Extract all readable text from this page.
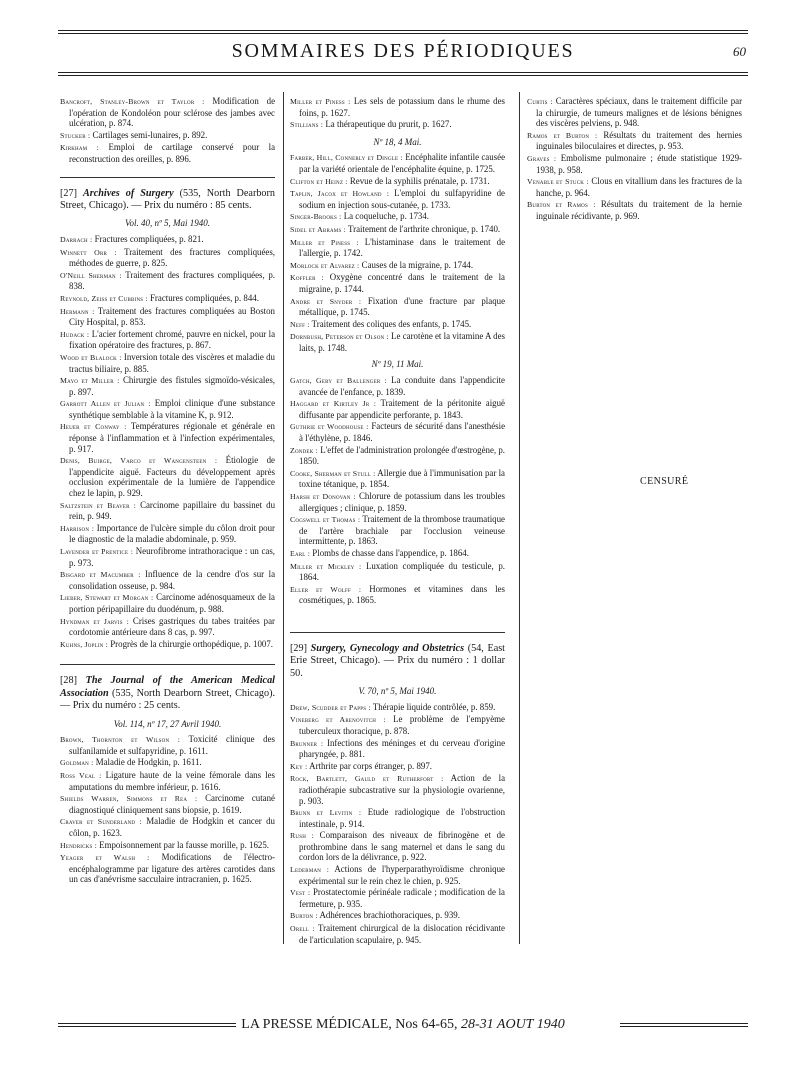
SOMMAIRES DES PÉRIODIQUES	60
Bancroft, Stanley-Brown et Taylor : Modification de l'opération de Kondoléon pour sclérose des jambes avec ulcération, p. 874.
Stucker : Cartilages semi-lunaires, p. 892.
Kirkham : Emploi de cartilage conservé pour la reconstruction des oreilles, p. 896.
[27] Archives of Surgery (535, North Dearborn Street, Chicago). — Prix du numéro : 85 cents.
Vol. 40, nº 5, Mai 1940.
Darrach : Fractures compliquées, p. 821.
Winnett Orr : Traitement des fractures compliquées, méthodes de guerre, p. 825.
O'Neill Sherman : Traitement des fractures compliquées, p. 838.
Reynold, Zeiss et Cubbins : Fractures compliquées, p. 844.
Hermann : Traitement des fractures compliquées au Boston City Hospital, p. 853.
Hudack : L'acier fortement chromé, pauvre en nickel, pour la fixation opératoire des fractures, p. 867.
Wood et Blalock : Inversion totale des viscères et maladie du tractus biliaire, p. 885.
Mayo et Miller : Chirurgie des fistules sigmoïdo-vésicales, p. 897.
Garrott Allen et Julian : Emploi clinique d'une substance synthétique semblable à la vitamine K, p. 912.
Heuer et Conway : Températures régionale et générale en réponse à l'inflammation et à l'infection expérimentales, p. 917.
Denis, Buirge, Varco et Wangensteen : Étiologie de l'appendicite aiguë. Facteurs du développement après occlusion expérimentale de la lumière de l'appendice chez le lapin, p. 929.
Saltzstein et Beaver : Carcinome papillaire du bassinet du rein, p. 949.
Harrison : Importance de l'ulcère simple du côlon droit pour le diagnostic de la maladie abdominale, p. 959.
Lavender et Prentice : Neurofibrome intrathoracique : un cas, p. 973.
Bisgard et Macumber : Influence de la cendre d'os sur la consolidation osseuse, p. 984.
Lieber, Stewart et Morgan : Carcinome adénosquameux de la portion péripapillaire du duodénum, p. 988.
Hyndman et Jarvis : Crises gastriques du tabes traitées par cordotomie antérieure dans 8 cas, p. 997.
Kuhns, Joplin : Progrès de la chirurgie orthopédique, p. 1007.
[28] The Journal of the American Medical Association (535, North Dearborn Street, Chicago). — Prix du numéro : 25 cents.
Vol. 114, nº 17, 27 Avril 1940.
Brown, Thornton et Wilson : Toxicité clinique des sulfanilamide et sulfapyridine, p. 1611.
Goldman : Maladie de Hodgkin, p. 1611.
Ross Veal : Ligature haute de la veine fémorale dans les amputations du membre inférieur, p. 1616.
Shields Warren, Simmons et Rea : Carcinome cutané diagnostiqué cliniquement sans biopsie, p. 1619.
Craver et Sunderland : Maladie de Hodgkin et cancer du côlon, p. 1623.
Hendricks : Empoisonnement par la fausse morille, p. 1625.
Yeager et Walsh : Modifications de l'électro-encéphalogramme par ligature des artères carotides dans un cas d'anévrisme sacculaire intracranien, p. 1625.
Miller et Piness : Les sels de potassium dans le rhume des foins, p. 1627.
Stillians : La thérapeutique du prurit, p. 1627.
Nº 18, 4 Mai.
Farber, Hill, Connerly et Dingle : Encéphalite infantile causée par la variété orientale de l'encéphalite équine, p. 1725.
Clifton et Heinz : Revue de la syphilis prénatale, p. 1731.
Taplin, Jacox et Howland : L'emploi du sulfapyridine de sodium en injection sous-cutanée, p. 1733.
Singer-Brooks : La coqueluche, p. 1734.
Sidel et Abrams : Traitement de l'arthrite chronique, p. 1740.
Miller et Piness : L'histaminase dans le traitement de l'allergie, p. 1742.
Morlock et Alvarez : Causes de la migraine, p. 1744.
Koffler : Oxygène concentré dans le traitement de la migraine, p. 1744.
Andre et Snyder : Fixation d'une fracture par plaque métallique, p. 1745.
Neff : Traitement des coliques des enfants, p. 1745.
Dornbush, Peterson et Olson : Le carotène et la vitamine A des laits, p. 1748.
Nº 19, 11 Mai.
Gatch, Gery et Ballenger : La conduite dans l'appendicite avancée de l'enfance, p. 1839.
Haggard et Kirtley Jr : Traitement de la péritonite aiguë diffusante par appendicite perforante, p. 1843.
Guthrie et Woodhouse : Facteurs de sécurité dans l'anesthésie à l'éthylène, p. 1846.
Zondek : L'effet de l'administration prolongée d'œstrogène, p. 1850.
Cooke, Sherman et Stull : Allergie due à l'immunisation par la toxine tétanique, p. 1854.
Harsh et Donovan : Chlorure de potassium dans les troubles allergiques ; clinique, p. 1859.
Cogswell et Thomas : Traitement de la thrombose traumatique de l'artère brachiale par l'occlusion veineuse intermittente, p. 1863.
Earl : Plombs de chasse dans l'appendice, p. 1864.
Miller et Mickley : Luxation compliquée du testicule, p. 1864.
Eller et Wolff : Hormones et vitamines dans les cosmétiques, p. 1865.
[29] Surgery, Gynecology and Obstetrics (54, East Erie Street, Chicago). — Prix du numéro : 1 dollar 50.
V. 70, nº 5, Mai 1940.
Drew, Scudder et Papps : Thérapie liquide contrôlée, p. 859.
Vineberg et Arenovitch : Le problème de l'empyème tuberculeux thoracique, p. 878.
Brunner : Infections des méninges et du cerveau d'origine pharyngée, p. 881.
Key : Arthrite par corps étranger, p. 897.
Rock, Bartlett, Gauld et Rutherfort : Action de la radiothérapie subcastrative sur la physiologie ovarienne, p. 903.
Brunn et Levitin : Etude radiologique de l'obstruction intestinale, p. 914.
Rush : Comparaison des niveaux de fibrinogène et de prothrombine dans le sang maternel et dans le sang du cordon lors de la délivrance, p. 922.
Lederman : Actions de l'hyperparathyroïdisme chronique expérimental sur le rein chez le chien, p. 925.
Vest : Prostatectomie périnéale radicale ; modification de la fermeture, p. 935.
Burton : Adhérences brachiothoraciques, p. 939.
Orell : Traitement chirurgical de la dislocation récidivante de l'articulation scapulaire, p. 945.
Curtis : Caractères spéciaux, dans le traitement difficile par la chirurgie, de tumeurs malignes et de lésions bénignes des viscères pelviens, p. 948.
Ramos et Burton : Résultats du traitement des hernies inguinales biloculaires et directes, p. 953.
Graves : Embolisme pulmonaire ; étude statistique 1929-1938, p. 958.
Venable et Stuck : Clous en vitallium dans les fractures de la hanche, p. 964.
Burton et Ramos : Résultats du traitement de la hernie inguinale récidivante, p. 969.
CENSURÉ
LA PRESSE MÉDICALE, Nos 64-65, 28-31 AOUT 1940
